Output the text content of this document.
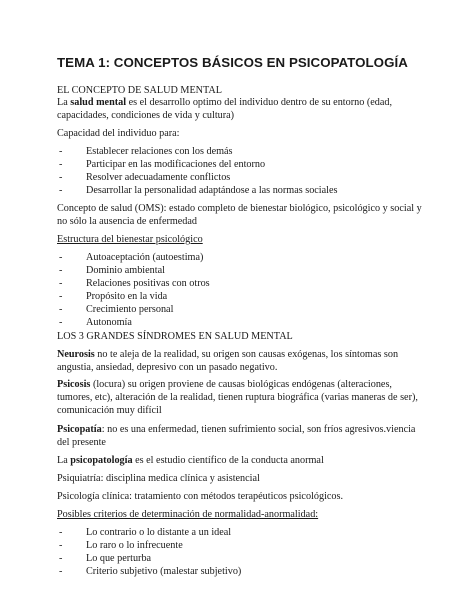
TEMA 1: CONCEPTOS BÁSICOS EN PSICOPATOLOGÍA

EL CONCEPTO DE SALUD MENTAL

La salud mental es el desarrollo optimo del individuo dentro de su entorno (edad, capacidades, condiciones de vida y cultura)

Capacidad del individuo para:

- Establecer relaciones con los demás
- Participar en las modificaciones del entorno
- Resolver adecuadamente conflictos
- Desarrollar la personalidad adaptándose a las normas sociales

Concepto de salud (OMS): estado completo de bienestar biológico, psicológico y social y no sólo la ausencia de enfermedad

Estructura del bienestar psicológico

- Autoaceptación (autoestima)
- Dominio ambiental
- Relaciones positivas con otros
- Propósito en la vida
- Crecimiento personal
- Autonomía

LOS 3 GRANDES SÍNDROMES EN SALUD MENTAL

Neurosis no te aleja de la realidad, su origen son causas exógenas, los síntomas son angustia, ansiedad, depresivo con un pasado negativo.

Psicosis (locura) su origen proviene de causas biológicas endógenas (alteraciones, tumores, etc), alteración de la realidad, tienen ruptura biográfica (varias maneras de ser), comunicación muy difícil

Psicopatía: no es una enfermedad, tienen sufrimiento social, son fríos agresivos.viencia del presente

La psicopatología es el estudio científico de la conducta anormal

Psiquiatría: disciplina medica clínica y asistencial

Psicología clínica: tratamiento con métodos terapéuticos psicológicos.

Posibles criterios de determinación de normalidad-anormalidad:

- Lo contrario o lo distante a un ideal
- Lo raro o lo infrecuente
- Lo que perturba
- Criterio subjetivo (malestar subjetivo)
